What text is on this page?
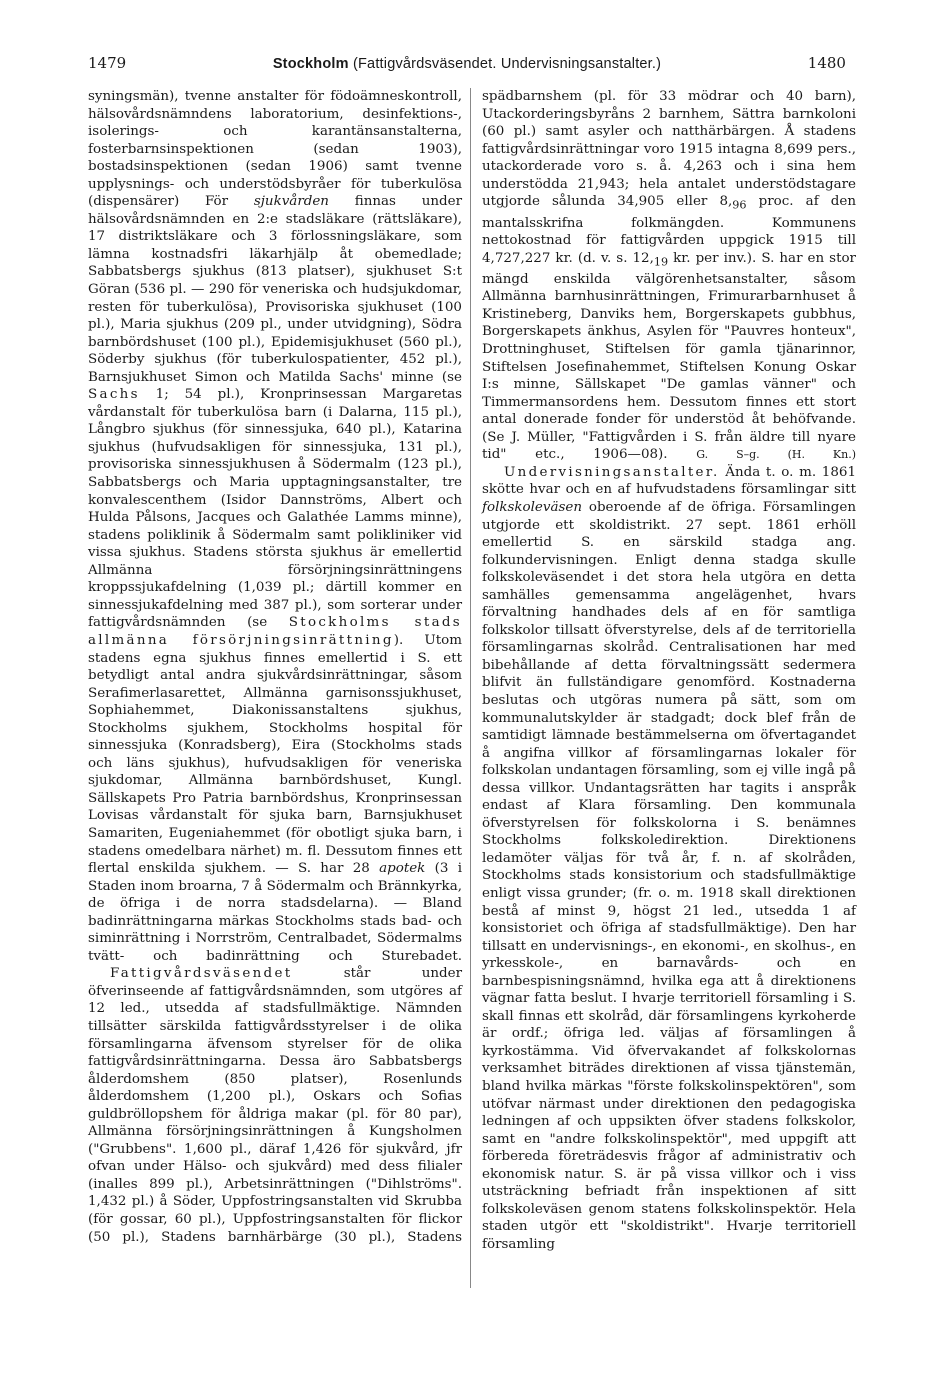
1479	Stockholm (Fattigvårdsväsendet. Undervisningsanstalter.)	1480

syningsmän), tvenne anstalter för födoämneskontroll, hälsovårdsnämndens laboratorium, desinfektions-, isolerings- och karantänsanstalterna, fosterbarnsinspektionen (sedan 1903), bostadsinspektionen (sedan 1906) samt tvenne upplysnings- och understödsbyråer för tuberkulösa (dispensärer) För sjukvården finnas under hälsovårdsnämnden en 2:e stadsläkare (rättsläkare), 17 distriktsläkare och 3 förlossningsläkare, som lämna kostnadsfri läkarhjälp åt obemedlade; Sabbatsbergs sjukhus (813 platser), sjukhuset S:t Göran (536 pl. — 290 för veneriska och hudsjukdomar, resten för tuberkulösa), Provisoriska sjukhuset (100 pl.), Maria sjukhus (209 pl., under utvidgning), Södra barnbördshuset (100 pl.), Epidemisjukhuset (560 pl.), Söderby sjukhus (för tuberkulospatienter, 452 pl.), Barnsjukhuset Simon och Matilda Sachs' minne (se Sachs 1; 54 pl.), Kronprinsessan Margaretas vårdanstalt för tuberkulösa barn (i Dalarna, 115 pl.), Långbro sjukhus (för sinnessjuka, 640 pl.), Katarina sjukhus (hufvudsakligen för sinnessjuka, 131 pl.), provisoriska sinnessjukhusen å Södermalm (123 pl.), Sabbatsbergs och Maria upptagningsanstalter, tre konvalescenthem (Isidor Dannströms, Albert och Hulda Pålsons, Jacques och Galathée Lamms minne), stadens poliklinik å Södermalm samt polikliniker vid vissa sjukhus. Stadens största sjukhus är emellertid Allmänna försörjningsinrättningens kroppssjukafdelning (1,039 pl.; därtill kommer en sinnessjukafdelning med 387 pl.), som sorterar under fattigvårdsnämnden (se Stockholms stads allmänna försörjningsinrättning). Utom stadens egna sjukhus finnes emellertid i S. ett betydligt antal andra sjukvårdsinrättningar, såsom Serafimerlasarettet, Allmänna garnisonssjukhuset, Sophiahemmet, Diakonissanstaltens sjukhus, Stockholms sjukhem, Stockholms hospital för sinnessjuka (Konradsberg), Eira (Stockholms stads och läns sjukhus), hufvudsakligen för veneriska sjukdomar, Allmänna barnbördshuset, Kungl. Sällskapets Pro Patria barnbördshus, Kronprinsessan Lovisas vårdanstalt för sjuka barn, Barnsjukhuset Samariten, Eugeniahemmet (för obotligt sjuka barn, i stadens omedelbara närhet) m. fl. Dessutom finnes ett flertal enskilda sjukhem. — S. har 28 apotek (3 i Staden inom broarna, 7 å Södermalm och Brännkyrka, de öfriga i de norra stadsdelarna). — Bland badinrättningarna märkas Stockholms stads bad- och siminrättning i Norrström, Centralbadet, Södermalms tvätt- och badinrättning och Sturebadet.

Fattigvårdsväsendet står under öfverinseende af fattigvårdsnämnden, som utgöres af 12 led., utsedda af stadsfullmäktige. Nämnden tillsätter särskilda fattigvårdsstyrelser i de olika församlingarna äfvensom styrelser för de olika fattigvårdsinrättningarna. Dessa äro Sabbatsbergs ålderdomshem (850 platser), Rosenlunds ålderdomshem (1,200 pl.), Oskars och Sofias guldbröllopshem för åldriga makar (pl. för 80 par), Allmänna försörjningsinrättningen å Kungsholmen ("Grubbens". 1,600 pl., däraf 1,426 för sjukvård, jfr ofvan under Hälso- och sjukvård) med dess filialer (inalles 899 pl.), Arbetsinrättningen ("Dihlströms". 1,432 pl.) å Söder, Uppfostringsanstalten vid Skrubba (för gossar, 60 pl.), Uppfostringsanstalten för flickor (50 pl.), Stadens barnhärbärge (30 pl.), Stadens

spädbarnshem (pl. för 33 mödrar och 40 barn), Utackorderingsbyråns 2 barnhem, Sättra barnkoloni (60 pl.) samt asyler och natthärbärgen. Å stadens fattigvårdsinrättningar voro 1915 intagna 8,699 pers., utackorderade voro s. å. 4,263 och i sina hem understödda 21,943; hela antalet understödstagare utgjorde sålunda 34,905 eller $8,_{96}$ proc. af den mantalsskrifna folkmängden. Kommunens nettokostnad för fattigvården uppgick 1915 till 4,727,227 kr. (d. v. s. $12,_{19}$ kr. per inv.). S. har en stor mängd enskilda välgörenhetsanstalter, såsom Allmänna barnhusinrättningen, Frimurarbarnhuset å Kristineberg, Danviks hem, Borgerskapets gubbhus, Borgerskapets änkhus, Asylen för "Pauvres honteux", Drottninghuset, Stiftelsen för gamla tjänarinnor, Stiftelsen Josefinahemmet, Stiftelsen Konung Oskar I:s minne, Sällskapet "De gamlas vänner" och Timmermansordens hem. Dessutom finnes ett stort antal donerade fonder för understöd åt behöfvande. (Se J. Müller, "Fattigvården i S. från äldre till nyare tid" etc., 1906—08). G. S–g. (H. Kn.)

Undervisningsanstalter. Ända t. o. m. 1861 skötte hvar och en af hufvudstadens församlingar sitt folkskoleväsen oberoende af de öfriga. Församlingen utgjorde ett skoldistrikt. 27 sept. 1861 erhöll emellertid S. en särskild stadga ang. folkundervisningen. Enligt denna stadga skulle folkskoleväsendet i det stora hela utgöra en detta samhälles gemensamma angelägenhet, hvars förvaltning handhades dels af en för samtliga folkskolor tillsatt öfverstyrelse, dels af de territoriella församlingarnas skolråd. Centralisationen har med bibehållande af detta förvaltningssätt sedermera blifvit än fullständigare genomförd. Kostnaderna beslutas och utgöras numera på sätt, som om kommunalutskylder är stadgadt; dock blef från de samtidigt lämnade bestämmelserna om öfvertagandet å angifna villkor af församlingarnas lokaler för folkskolan undantagen församling, som ej ville ingå på dessa villkor. Undantagsrätten har tagits i anspråk endast af Klara församling. Den kommunala öfverstyrelsen för folkskolorna i S. benämnes Stockholms folkskoledirektion. Direktionens ledamöter väljas för två år, f. n. af skolråden, Stockholms stads konsistorium och stadsfullmäktige enligt vissa grunder; (fr. o. m. 1918 skall direktionen bestå af minst 9, högst 21 led., utsedda 1 af konsistoriet och öfriga af stadsfullmäktige). Den har tillsatt en undervisnings-, en ekonomi-, en skolhus-, en yrkesskole-, en barnavårds- och en barnbespisningsnämnd, hvilka ega att å direktionens vägnar fatta beslut. I hvarje territoriell församling i S. skall finnas ett skolråd, där församlingens kyrkoherde är ordf.; öfriga led. väljas af församlingen å kyrkostämma. Vid öfvervakandet af folkskolornas verksamhet biträdes direktionen af vissa tjänstemän, bland hvilka märkas "förste folkskolinspektören", som utöfvar närmast under direktionen den pedagogiska ledningen af och uppsikten öfver stadens folkskolor, samt en "andre folkskolinspektör", med uppgift att förbereda företrädesvis frågor af administrativ och ekonomisk natur. S. är på vissa villkor och i viss utsträckning befriadt från inspektionen af sitt folkskoleväsen genom statens folkskolinspektör. Hela staden utgör ett "skoldistrikt". Hvarje territoriell församling
